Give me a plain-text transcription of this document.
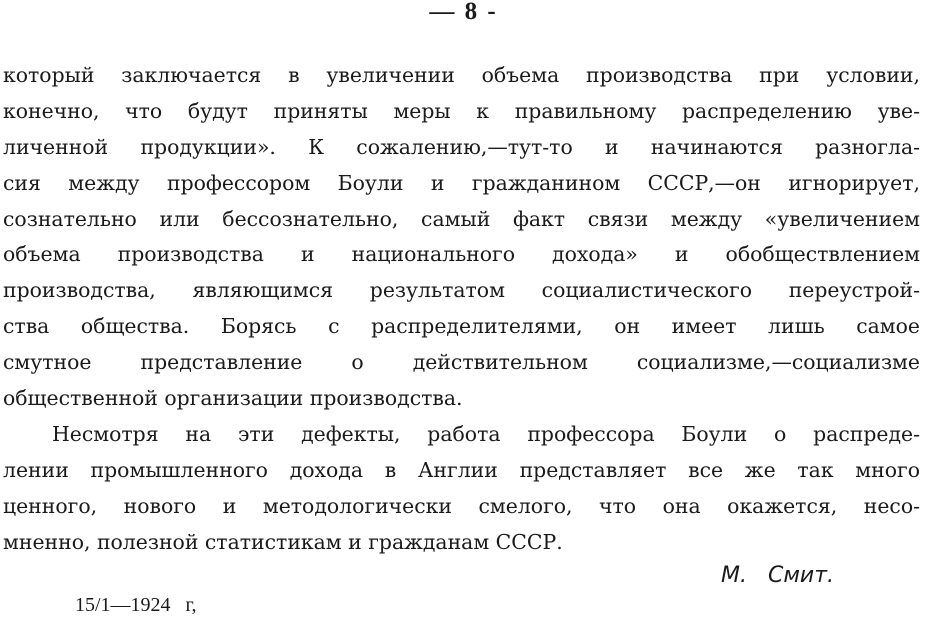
— 8 -
который заключается в увеличении объема производства при условии,
конечно, что будут приняты меры к правильному распределению уве-
личенной продукции». К сожалению,—тут-то и начинаются разногла-
сия между профессором Боули и гражданином СССР,—он игнорирует,
сознательно или бессознательно, самый факт связи между «увеличением
объема производства и национального дохода» и обобществлением
производства, являющимся результатом социалистического переустрой-
ства общества. Борясь с распределителями, он имеет лишь самое
смутное представление о действительном социализме,—социализме
общественной организации производства.
Несмотря на эти дефекты, работа профессора Боули о распреде-
лении промышленного дохода в Англии представляет все же так много
ценного, нового и методологически смелого, что она окажется, несо-
мненно, полезной статистикам и гражданам СССР.
М. Смит.
15/1—1924 г,
